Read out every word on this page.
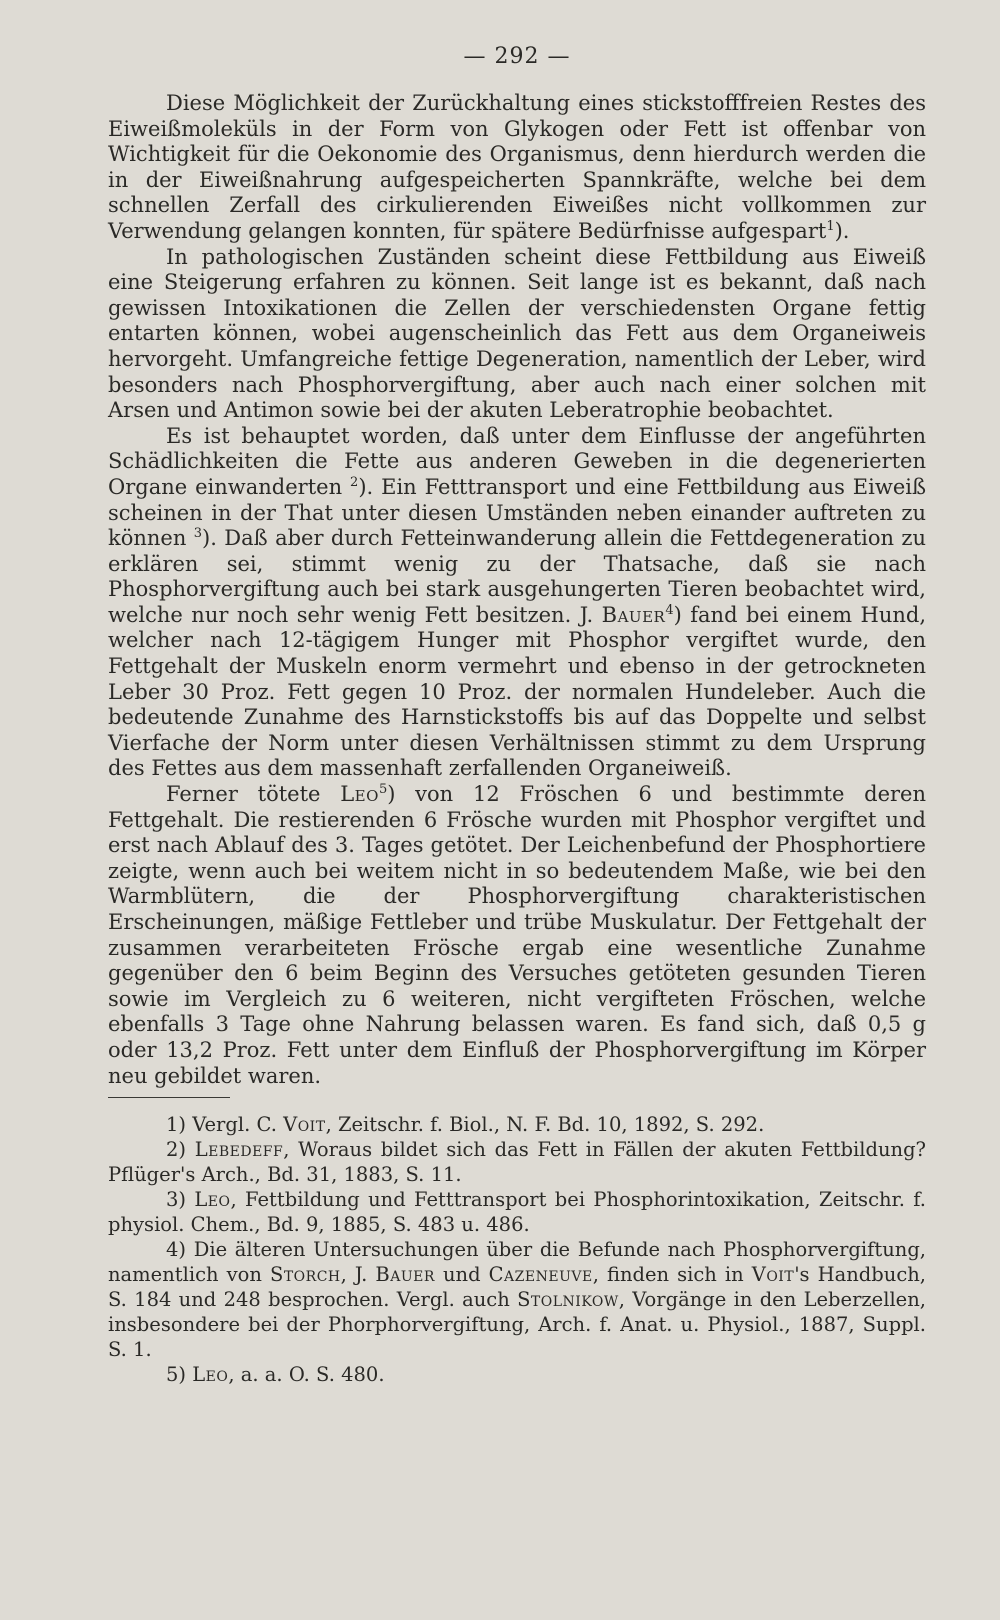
— 292 —

Diese Möglichkeit der Zurückhaltung eines stickstofffreien Restes des Eiweißmoleküls in der Form von Glykogen oder Fett ist offenbar von Wichtigkeit für die Oekonomie des Organismus, denn hierdurch werden die in der Eiweißnahrung aufgespeicherten Spannkräfte, welche bei dem schnellen Zerfall des cirkulierenden Eiweißes nicht vollkommen zur Verwendung gelangen konnten, für spätere Bedürfnisse aufgespart$^1$).

In pathologischen Zuständen scheint diese Fettbildung aus Eiweiß eine Steigerung erfahren zu können. Seit lange ist es bekannt, daß nach gewissen Intoxikationen die Zellen der verschiedensten Organe fettig entarten können, wobei augenscheinlich das Fett aus dem Organeiweis hervorgeht. Umfangreiche fettige Degeneration, namentlich der Leber, wird besonders nach Phosphorvergiftung, aber auch nach einer solchen mit Arsen und Antimon sowie bei der akuten Leberatrophie beobachtet.

Es ist behauptet worden, daß unter dem Einflusse der angeführten Schädlichkeiten die Fette aus anderen Geweben in die degenerierten Organe einwanderten $^2$). Ein Fetttransport und eine Fettbildung aus Eiweiß scheinen in der That unter diesen Umständen neben einander auftreten zu können $^3$). Daß aber durch Fetteinwanderung allein die Fettdegeneration zu erklären sei, stimmt wenig zu der Thatsache, daß sie nach Phosphorvergiftung auch bei stark ausgehungerten Tieren beobachtet wird, welche nur noch sehr wenig Fett besitzen. J. Bauer$^4$) fand bei einem Hund, welcher nach 12-tägigem Hunger mit Phosphor vergiftet wurde, den Fettgehalt der Muskeln enorm vermehrt und ebenso in der getrockneten Leber 30 Proz. Fett gegen 10 Proz. der normalen Hundeleber. Auch die bedeutende Zunahme des Harnstickstoffs bis auf das Doppelte und selbst Vierfache der Norm unter diesen Verhältnissen stimmt zu dem Ursprung des Fettes aus dem massenhaft zerfallenden Organeiweiß.

Ferner tötete Leo$^5$) von 12 Fröschen 6 und bestimmte deren Fettgehalt. Die restierenden 6 Frösche wurden mit Phosphor vergiftet und erst nach Ablauf des 3. Tages getötet. Der Leichenbefund der Phosphortiere zeigte, wenn auch bei weitem nicht in so bedeutendem Maße, wie bei den Warmblütern, die der Phosphorvergiftung charakteristischen Erscheinungen, mäßige Fettleber und trübe Muskulatur. Der Fettgehalt der zusammen verarbeiteten Frösche ergab eine wesentliche Zunahme gegenüber den 6 beim Beginn des Versuches getöteten gesunden Tieren sowie im Vergleich zu 6 weiteren, nicht vergifteten Fröschen, welche ebenfalls 3 Tage ohne Nahrung belassen waren. Es fand sich, daß 0,5 g oder 13,2 Proz. Fett unter dem Einfluß der Phosphorvergiftung im Körper neu gebildet waren.

1) Vergl. C. Voit, Zeitschr. f. Biol., N. F. Bd. 10, 1892, S. 292.

2) Lebedeff, Woraus bildet sich das Fett in Fällen der akuten Fettbildung? Pflüger's Arch., Bd. 31, 1883, S. 11.

3) Leo, Fettbildung und Fetttransport bei Phosphorintoxikation, Zeitschr. f. physiol. Chem., Bd. 9, 1885, S. 483 u. 486.

4) Die älteren Untersuchungen über die Befunde nach Phosphorvergiftung, namentlich von Storch, J. Bauer und Cazeneuve, finden sich in Voit's Handbuch, S. 184 und 248 besprochen. Vergl. auch Stolnikow, Vorgänge in den Leberzellen, insbesondere bei der Phorphorvergiftung, Arch. f. Anat. u. Physiol., 1887, Suppl. S. 1.

5) Leo, a. a. O. S. 480.
